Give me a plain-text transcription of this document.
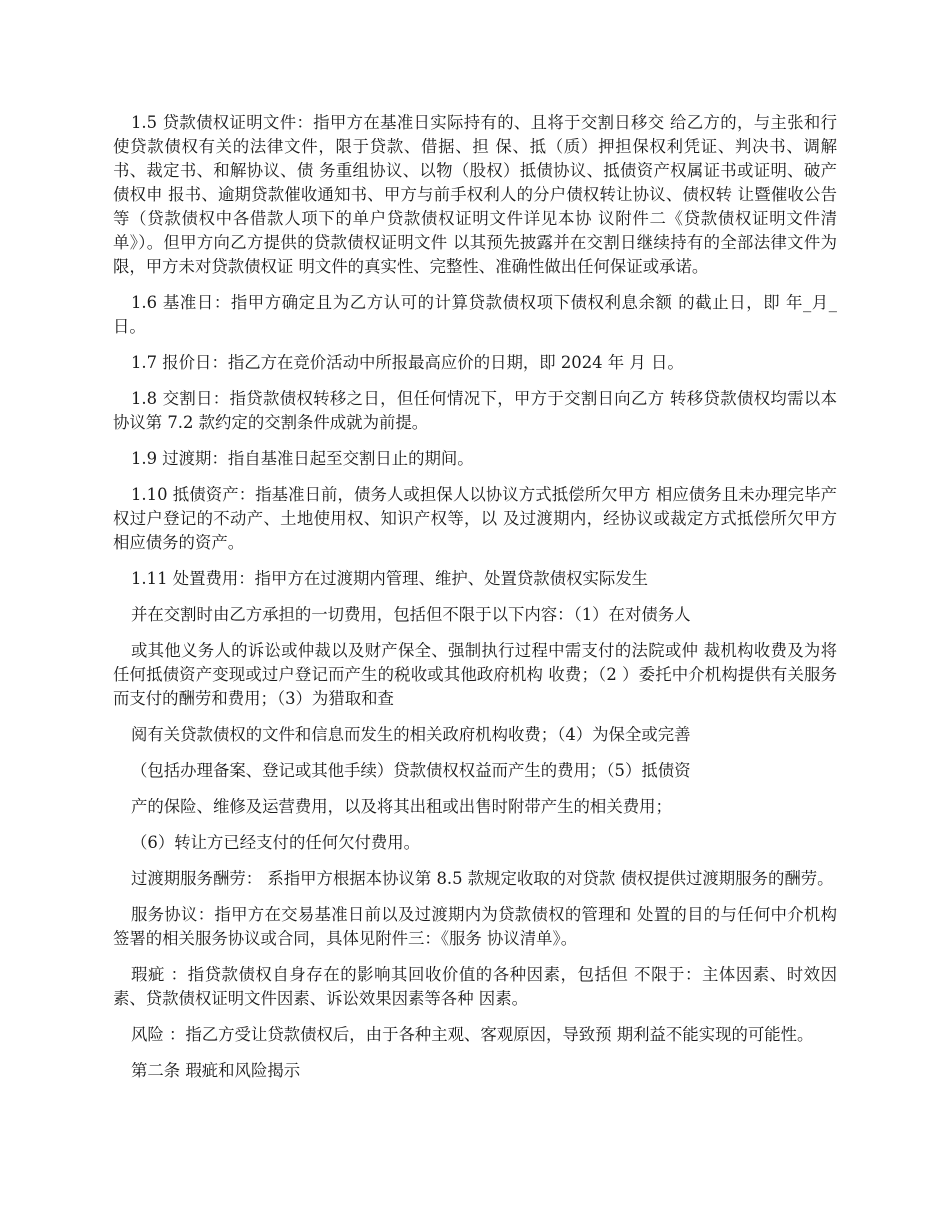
1.5 贷款债权证明文件：指甲方在基准日实际持有的、且将于交割日移交 给乙方的，与主张和行使贷款债权有关的法律文件，限于贷款、借据、担 保、抵（质）押担保权利凭证、判决书、调解书、裁定书、和解协议、债 务重组协议、以物（股权）抵债协议、抵债资产权属证书或证明、破产债权申 报书、逾期贷款催收通知书、甲方与前手权利人的分户债权转让协议、债权转 让暨催收公告等（贷款债权中各借款人项下的单户贷款债权证明文件详见本协 议附件二《贷款债权证明文件清单》）。但甲方向乙方提供的贷款债权证明文件 以其预先披露并在交割日继续持有的全部法律文件为限，甲方未对贷款债权证 明文件的真实性、完整性、准确性做出任何保证或承诺。

1.6 基准日：指甲方确定且为乙方认可的计算贷款债权项下债权利息余额 的截止日，即 年_月_日。

1.7 报价日：指乙方在竞价活动中所报最高应价的日期，即 2024 年 月 日。

1.8 交割日：指贷款债权转移之日，但任何情况下，甲方于交割日向乙方 转移贷款债权均需以本协议第 7.2 款约定的交割条件成就为前提。

1.9 过渡期：指自基准日起至交割日止的期间。

1.10 抵债资产：指基准日前，债务人或担保人以协议方式抵偿所欠甲方 相应债务且未办理完毕产权过户登记的不动产、土地使用权、知识产权等，以 及过渡期内，经协议或裁定方式抵偿所欠甲方相应债务的资产。

1.11 处置费用：指甲方在过渡期内管理、维护、处置贷款债权实际发生

并在交割时由乙方承担的一切费用，包括但不限于以下内容：（1）在对债务人

或其他义务人的诉讼或仲裁以及财产保全、强制执行过程中需支付的法院或仲 裁机构收费及为将任何抵债资产变现或过户登记而产生的税收或其他政府机构 收费；（2 ）委托中介机构提供有关服务而支付的酬劳和费用；（3）为猎取和查

阅有关贷款债权的文件和信息而发生的相关政府机构收费；（4）为保全或完善

（包括办理备案、登记或其他手续）贷款债权权益而产生的费用；（5）抵债资

产的保险、维修及运营费用，以及将其出租或出售时附带产生的相关费用；

（6）转让方已经支付的任何欠付费用。

过渡期服务酬劳： 系指甲方根据本协议第 8.5 款规定收取的对贷款 债权提供过渡期服务的酬劳。

服务协议：指甲方在交易基准日前以及过渡期内为贷款债权的管理和 处置的目的与任何中介机构签署的相关服务协议或合同，具体见附件三：《服务 协议清单》。

瑕疵 ：指贷款债权自身存在的影响其回收价值的各种因素，包括但 不限于：主体因素、时效因素、贷款债权证明文件因素、诉讼效果因素等各种 因素。

风险 ：指乙方受让贷款债权后，由于各种主观、客观原因，导致预 期利益不能实现的可能性。

第二条 瑕疵和风险揭示
